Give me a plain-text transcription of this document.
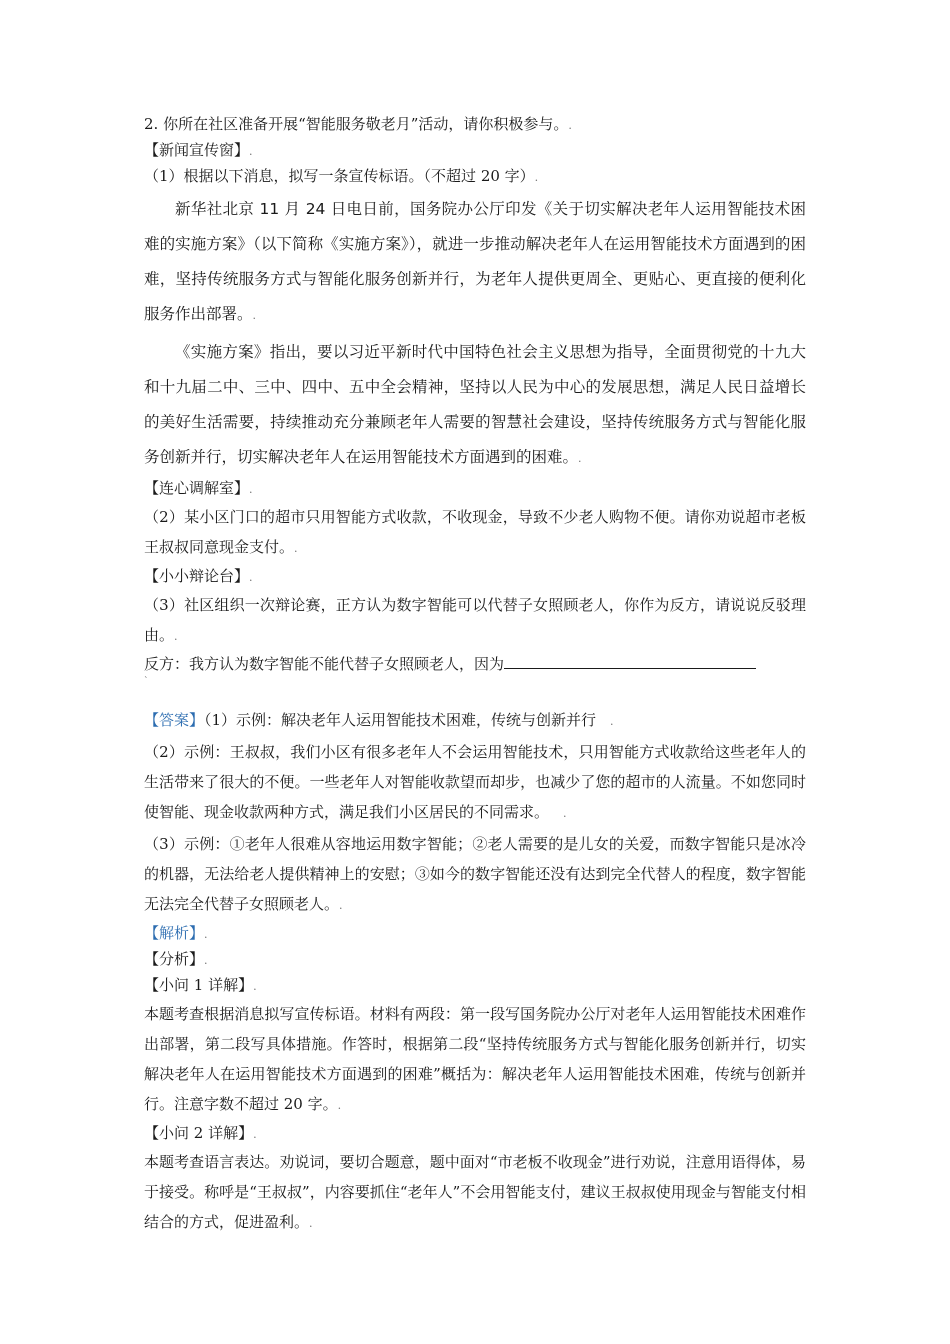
2. 你所在社区准备开展“智能服务敬老月”活动，请你积极参与。.
【新闻宣传窗】.
（1）根据以下消息，拟写一条宣传标语。（不超过 20 字）.

新华社北京 11 月 24 日电日前，国务院办公厅印发《关于切实解决老年人运用智能技术困难的实施方案》（以下简称《实施方案》），就进一步推动解决老年人在运用智能技术方面遇到的困难，坚持传统服务方式与智能化服务创新并行，为老年人提供更周全、更贴心、更直接的便利化服务作出部署。.

《实施方案》指出，要以习近平新时代中国特色社会主义思想为指导，全面贯彻党的十九大和十九届二中、三中、四中、五中全会精神，坚持以人民为中心的发展思想，满足人民日益增长的美好生活需要，持续推动充分兼顾老年人需要的智慧社会建设，坚持传统服务方式与智能化服务创新并行，切实解决老年人在运用智能技术方面遇到的困难。.

【连心调解室】.
（2）某小区门口的超市只用智能方式收款，不收现金，导致不少老人购物不便。请你劝说超市老板王叔叔同意现金支付。.
【小小辩论台】.
（3）社区组织一次辩论赛，正方认为数字智能可以代替子女照顾老人，你作为反方，请说说反驳理由。.
反方：我方认为数字智能不能代替子女照顾老人，因为
`
【答案】（1）示例：解决老年人运用智能技术困难，传统与创新并行    .
（2）示例：王叔叔，我们小区有很多老年人不会运用智能技术，只用智能方式收款给这些老年人的生活带来了很大的不便。一些老年人对智能收款望而却步，也减少了您的超市的人流量。不如您同时使智能、现金收款两种方式，满足我们小区居民的不同需求。    .
（3）示例：①老年人很难从容地运用数字智能；②老人需要的是儿女的关爱，而数字智能只是冰冷的机器，无法给老人提供精神上的安慰；③如今的数字智能还没有达到完全代替人的程度，数字智能无法完全代替子女照顾老人。.
【解析】.
【分析】.
【小问 1 详解】.
本题考查根据消息拟写宣传标语。材料有两段：第一段写国务院办公厅对老年人运用智能技术困难作出部署，第二段写具体措施。作答时，根据第二段“坚持传统服务方式与智能化服务创新并行，切实解决老年人在运用智能技术方面遇到的困难”概括为：解决老年人运用智能技术困难，传统与创新并行。注意字数不超过 20 字。.
【小问 2 详解】.
本题考查语言表达。劝说词，要切合题意，题中面对“市老板不收现金”进行劝说，注意用语得体，易于接受。称呼是“王叔叔”，内容要抓住“老年人”不会用智能支付，建议王叔叔使用现金与智能支付相结合的方式，促进盈利。.
